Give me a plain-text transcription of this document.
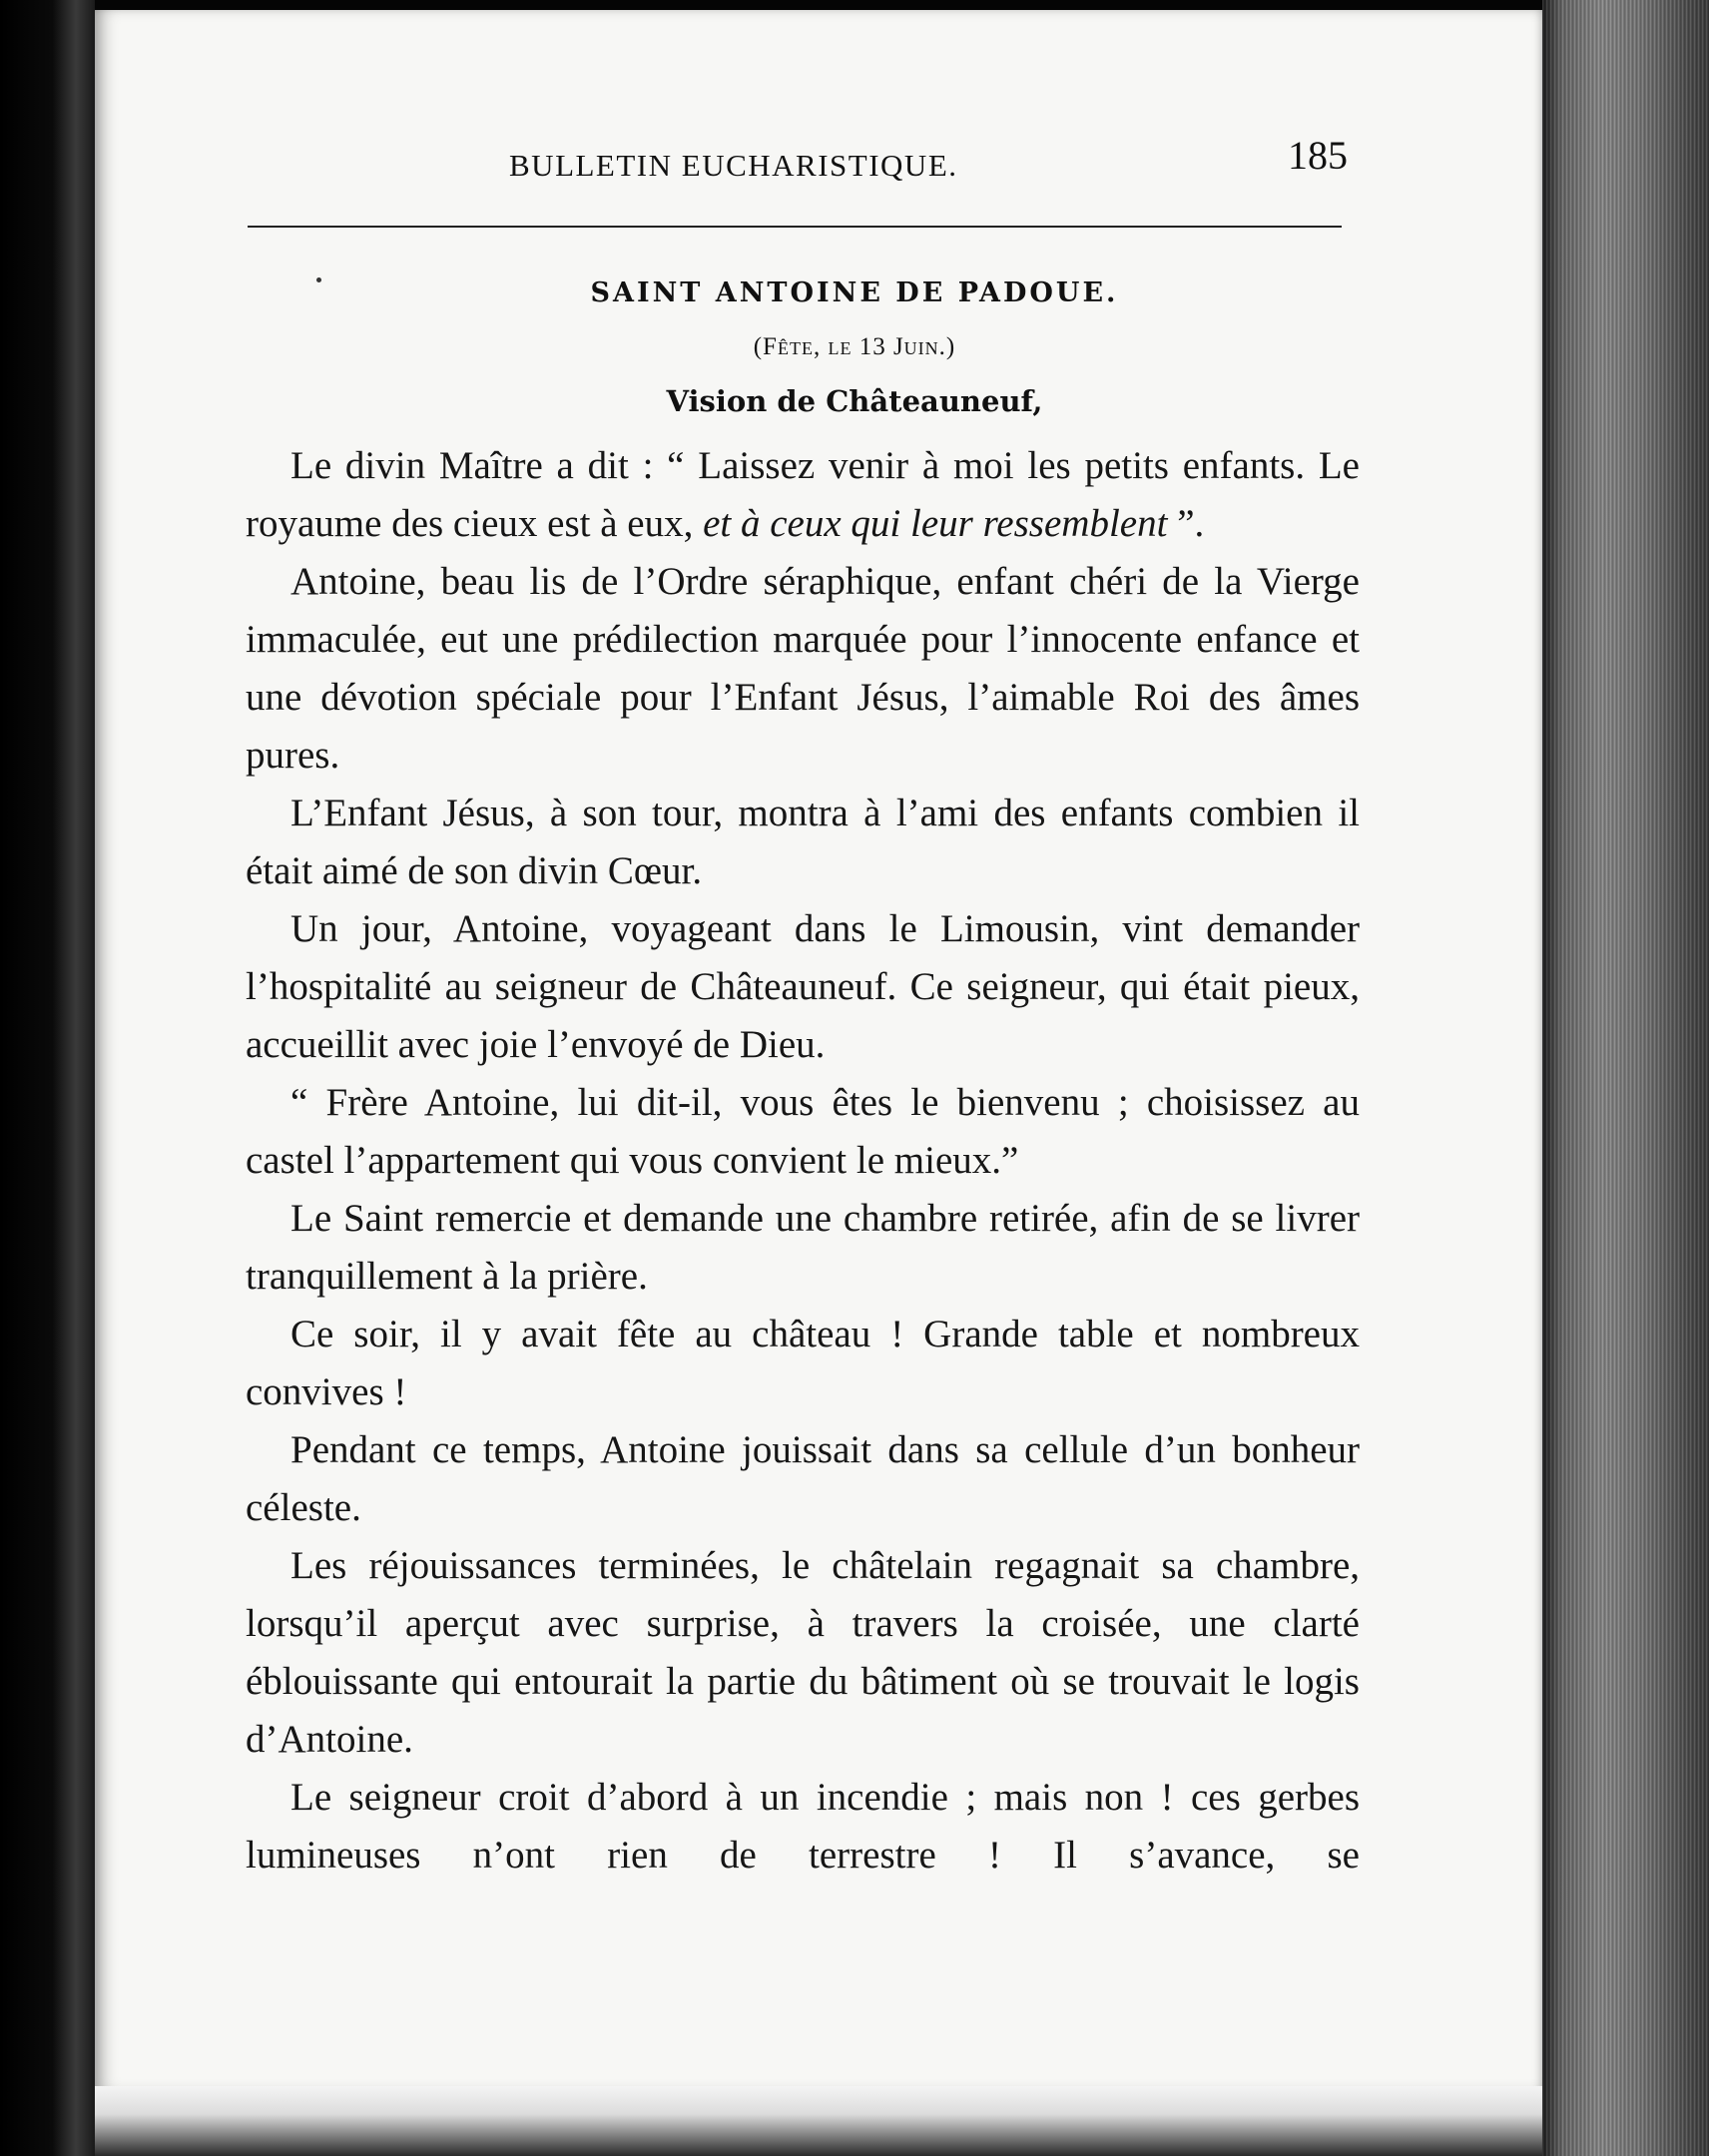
BULLETIN EUCHARISTIQUE.	185
SAINT ANTOINE DE PADOUE.
(Fête, le 13 Juin.)
Vision de Châteauneuf,

Le divin Maître a dit : “ Laissez venir à moi les petits enfants. Le royaume des cieux est à eux, et à ceux qui leur ressemblent ”.

Antoine, beau lis de l’Ordre séraphique, enfant chéri de la Vierge immaculée, eut une prédilection marquée pour l’innocente enfance et une dévotion spéciale pour l’Enfant Jésus, l’aimable Roi des âmes pures.

L’Enfant Jésus, à son tour, montra à l’ami des enfants combien il était aimé de son divin Cœur.

Un jour, Antoine, voyageant dans le Limousin, vint demander l’hospitalité au seigneur de Châteauneuf. Ce seigneur, qui était pieux, accueillit avec joie l’envoyé de Dieu.

“ Frère Antoine, lui dit-il, vous êtes le bienvenu ; choisissez au castel l’appartement qui vous convient le mieux.”

Le Saint remercie et demande une chambre retirée, afin de se livrer tranquillement à la prière.

Ce soir, il y avait fête au château ! Grande table et nombreux convives !

Pendant ce temps, Antoine jouissait dans sa cellule d’un bonheur céleste.

Les réjouissances terminées, le châtelain regagnait sa chambre, lorsqu’il aperçut avec surprise, à travers la croisée, une clarté éblouissante qui entourait la partie du bâtiment où se trouvait le logis d’Antoine.

Le seigneur croit d’abord à un incendie ; mais non ! ces gerbes lumineuses n’ont rien de terrestre ! Il s’avance, se
